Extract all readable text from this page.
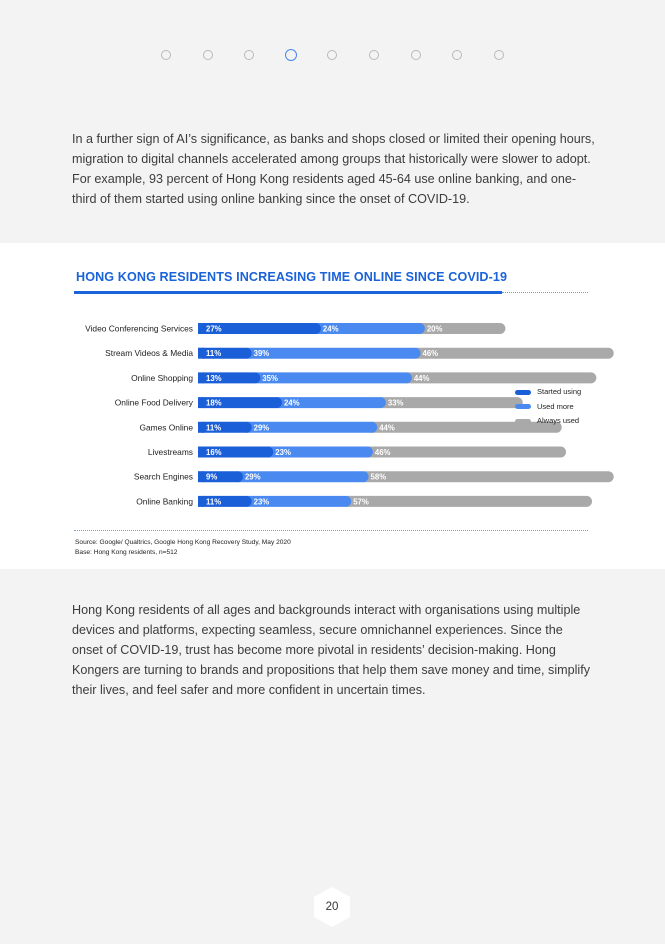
In a further sign of AI’s significance, as banks and shops closed or limited their opening hours, migration to digital channels accelerated among groups that historically were slower to adopt. For example, 93 percent of Hong Kong residents aged 45-64 use online banking, and one-third of them started using online banking since the onset of COVID-19.

HONG KONG RESIDENTS INCREASING TIME ONLINE SINCE COVID-19
Video Conferencing Services 27%	24%	20%
Stream Videos & Media 11%	39%	46%
Online Shopping 13%	35%	44%
Online Food Delivery 18%	24%	33%
Games Online 11%	29%	44%
Livestreams 16%	23%	46%
Search Engines 9%	29%	58%
Online Banking 11%	23%	57%
Started using
Used more
Always used
Source: Google/ Qualtrics, Google Hong Kong Recovery Study, May 2020
Base: Hong Kong residents, n=512

Hong Kong residents of all ages and backgrounds interact with organisations using multiple devices and platforms, expecting seamless, secure omnichannel experiences. Since the onset of COVID-19, trust has become more pivotal in residents’ decision-making. Hong Kongers are turning to brands and propositions that help them save money and time, simplify their lives, and feel safer and more confident in uncertain times.

20
